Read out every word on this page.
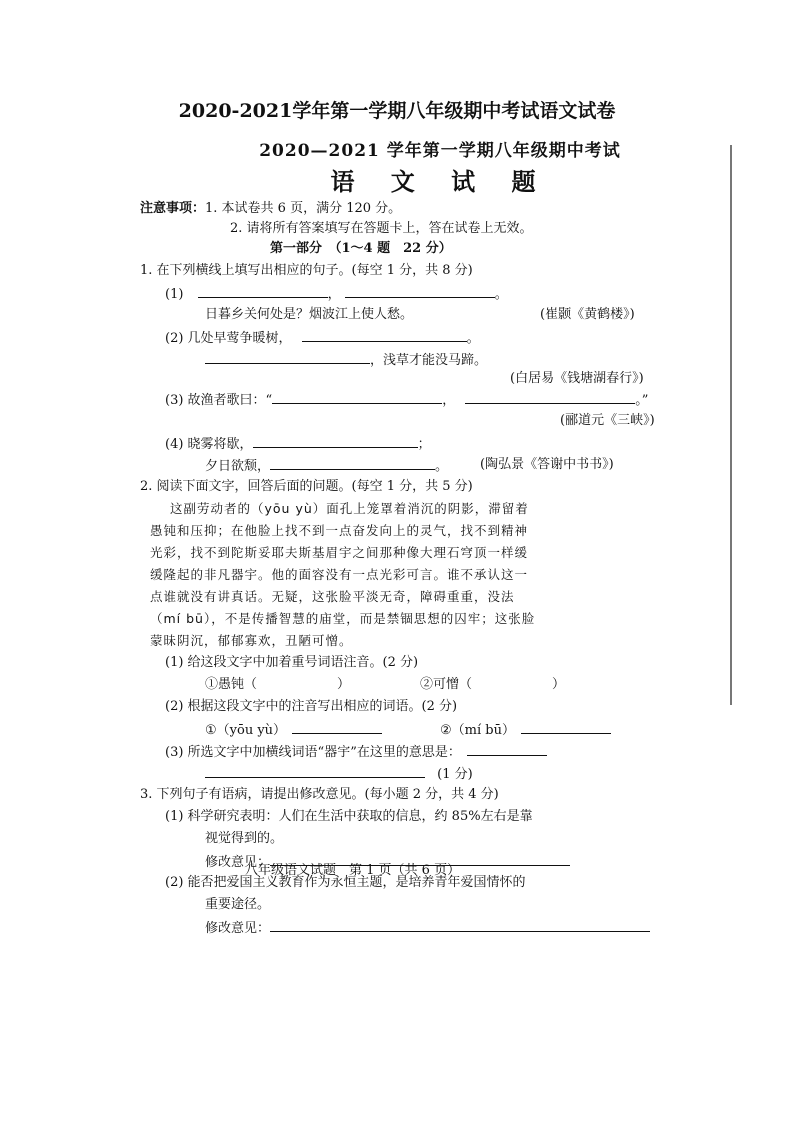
2020-2021学年第一学期八年级期中考试语文试卷
2020—2021 学年第一学期八年级期中考试
语 文 试 题
注意事项：1. 本试卷共 6 页，满分 120 分。
2. 请将所有答案填写在答题卡上，答在试卷上无效。
第一部分　（1～4 题　22 分）
1. 在下列横线上填写出相应的句子。(每空 1 分，共 8 分)
(1)	，	。
日暮乡关何处是？烟波江上使人愁。	(崔颢《黄鹤楼》)
(2) 几处早莺争暖树，	。
，浅草才能没马蹄。
(白居易《钱塘湖春行》)
(3) 故渔者歌曰：“	，	。”
(郦道元《三峡》)
(4) 晓雾将歇，	；
夕日欲颓，	。 (陶弘景《答谢中书书》)
2. 阅读下面文字，回答后面的问题。(每空 1 分，共 5 分)
这副劳动者的（yōu yù）面孔上笼罩着消沉的阴影，滞留着
愚钝和压抑；在他脸上找不到一点奋发向上的灵气，找不到精神
光彩，找不到陀斯妥耶夫斯基眉宇之间那种像大理石穹顶一样缓
缓隆起的非凡器宇。他的面容没有一点光彩可言。谁不承认这一
点谁就没有讲真话。无疑，这张脸平淡无奇，障碍重重，没法
（mí bū），不是传播智慧的庙堂，而是禁锢思想的囚牢；这张脸
蒙昧阴沉，郁郁寡欢，丑陋可憎。
(1) 给这段文字中加着重号词语注音。(2 分)
①愚钝（	）	②可憎（	）
(2) 根据这段文字中的注音写出相应的词语。(2 分)
①（yōu yù）	②（mí bū）
(3) 所选文字中加横线词语“器宇”在这里的意思是：
(1 分)
3. 下列句子有语病，请提出修改意见。(每小题 2 分，共 4 分)
(1) 科学研究表明：人们在生活中获取的信息，约 85%左右是靠
视觉得到的。
修改意见：
(2) 能否把爱国主义教育作为永恒主题，是培养青年爱国情怀的
重要途径。
修改意见：
八年级语文试题　第 1 页（共 6 页）
